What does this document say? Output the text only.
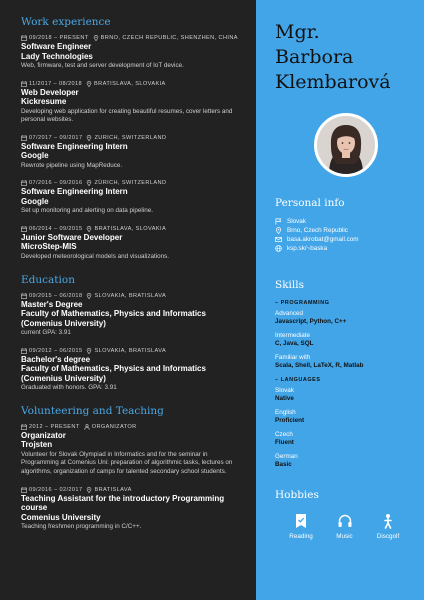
Work experience
09/2018 – PRESENT BRNO, CZECH REPUBLIC, SHENZHEN, CHINA
Software Engineer
Lady Technologies
Web, firmware, test and server development of IoT device.
11/2017 – 08/2018 BRATISLAVA, SLOVAKIA
Web Developer
Kickresume
Developing web application for creating beautiful resumes, cover letters and personal websites.
07/2017 – 09/2017 ZURICH, SWITZERLAND
Software Engineering Intern
Google
Rewrote pipeline using MapReduce.
07/2016 – 09/2016 ZÜRICH, SWITZERLAND
Software Engineering Intern
Google
Set up monitoring and alerting on data pipeline.
06/2014 – 09/2015 BRATISLAVA, SLOVAKIA
Junior Software Developer
MicroStep-MIS
Developed meteorological models and visualizations.
Education
09/2015 – 06/2018 SLOVAKIA, BRATISLAVA
Master's Degree
Faculty of Mathematics, Physics and Informatics (Comenius University)
current GPA: 3.91
09/2012 – 06/2015 SLOVAKIA, BRATISLAVA
Bachelor's degree
Faculty of Mathematics, Physics and Informatics (Comenius University)
Graduated with honors. GPA: 3.91
Volunteering and Teaching
2012 – PRESENT ORGANIZATOR
Organizator
Trojsten
Volunteer for Slovak Olympiad in Informatics and for the seminar in Programming at Comenius Uni: preparation of algorithmic tasks, lectures on algorithms, organization of camps for talented secondary school students.
09/2016 – 02/2017 BRATISLAVA
Teaching Assistant for the introductory Programming course
Comenius University
Teaching freshmen programming in C/C++.
Mgr.
Barbora
Klembarová
Personal info
Slovak
Brno, Czech Republic
basa.akrobat@gmail.com
ksp.sk/~baska
Skills
– PROGRAMMING
Advanced
Javascript, Python, C++
Intermediate
C, Java, SQL
Familiar with
Scala, Shell, LaTeX, R, Matlab
– LANGUAGES
Slovak
Native
English
Proficient
Czech
Fluent
German
Basic
Hobbies
Reading	Music	Discgolf
